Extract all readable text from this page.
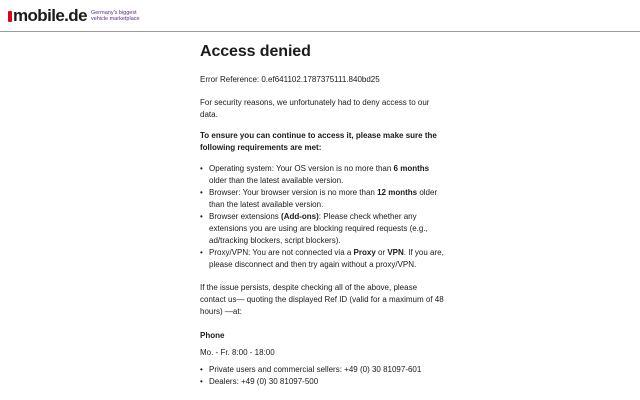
mobile.de Germany's biggest
vehicle marketplace
Access denied

Error Reference: 0.ef641102.1787375111.840bd25

For security reasons, we unfortunately had to deny access to our data.

To ensure you can continue to access it, please make sure the following requirements are met:

• Operating system: Your OS version is no more than 6 months older than the latest available version.
• Browser: Your browser version is no more than 12 months older than the latest available version.
• Browser extensions (Add-ons): Please check whether any extensions you are using are blocking required requests (e.g., ad/tracking blockers, script blockers).
• Proxy/VPN: You are not connected via a Proxy or VPN. If you are, please disconnect and then try again without a proxy/VPN.

If the issue persists, despite checking all of the above, please contact us— quoting the displayed Ref ID (valid for a maximum of 48 hours) —at:

Phone

Mo. - Fr. 8:00 - 18:00

• Private users and commercial sellers: +49 (0) 30 81097-601
• Dealers: +49 (0) 30 81097-500
